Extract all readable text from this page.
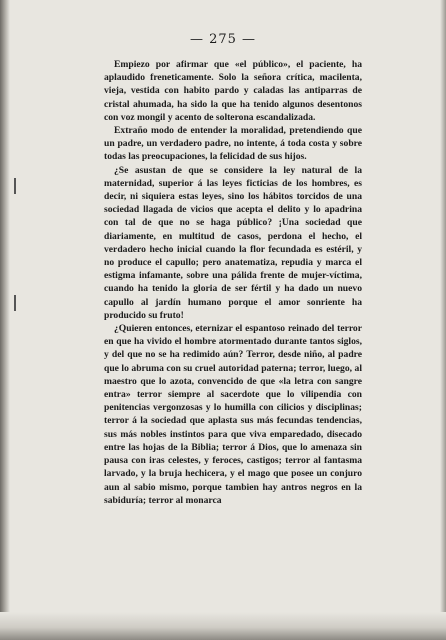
— 275 —

Empiezo por afirmar que «el público», el paciente, ha aplaudido freneticamente. Solo la señora crítica, macilenta, vieja, vestida con habito pardo y caladas las antiparras de cristal ahumada, ha sido la que ha tenido algunos desentonos con voz mongil y acento de solterona escandalizada.

Extraño modo de entender la moralidad, pretendiendo que un padre, un verdadero padre, no intente, á toda costa y sobre todas las preocupaciones, la felicidad de sus hijos.

¿Se asustan de que se considere la ley natural de la maternidad, superior á las leyes ficticias de los hombres, es decir, ni siquiera estas leyes, sino los hábitos torcidos de una sociedad llagada de vicios que acepta el delito y lo apadrina con tal de que no se haga público? ¡Una sociedad que diariamente, en multitud de casos, perdona el hecho, el verdadero hecho inicial cuando la flor fecundada es estéril, y no produce el capullo; pero anatematiza, repudia y marca el estigma infamante, sobre una pálida frente de mujer-víctima, cuando ha tenido la gloria de ser fértil y ha dado un nuevo capullo al jardín humano porque el amor sonriente ha producido su fruto!

¿Quieren entonces, eternizar el espantoso reinado del terror en que ha vivido el hombre atormentado durante tantos siglos, y del que no se ha redimido aún? Terror, desde niño, al padre que lo abruma con su cruel autoridad paterna; terror, luego, al maestro que lo azota, convencido de que «la letra con sangre entra» terror siempre al sacerdote que lo vilipendia con penitencias vergonzosas y lo humilla con cilicios y disciplinas; terror á la sociedad que aplasta sus más fecundas tendencias, sus más nobles instintos para que viva emparedado, disecado entre las hojas de la Biblia; terror á Dios, que lo amenaza sin pausa con iras celestes, y feroces, castigos; terror al fantasma larvado, y la bruja hechicera, y el mago que posee un conjuro aun al sabio mismo, porque tambien hay antros negros en la sabiduría; terror al monarca
